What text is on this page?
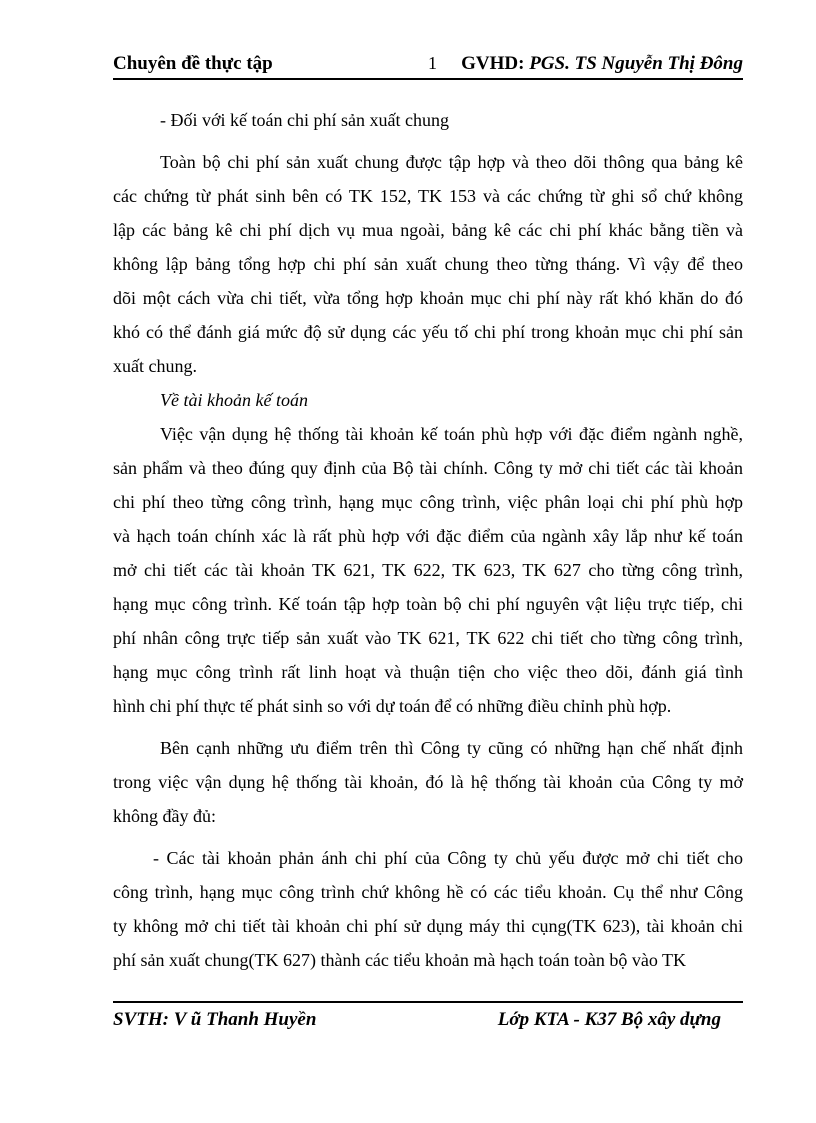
Chuyên đề thực tập	1 GVHD: PGS. TS Nguyễn Thị Đông
- Đối với kế toán chi phí sản xuất chung
Toàn bộ chi phí sản xuất chung được tập hợp và theo dõi thông qua bảng kê
các chứng từ phát sinh bên có TK 152, TK 153 và các chứng từ ghi sổ chứ không
lập các bảng kê chi phí dịch vụ mua ngoài, bảng kê các chi phí khác bằng tiền và
không lập bảng tổng hợp chi phí sản xuất chung theo từng tháng. Vì vậy để theo
dõi một cách vừa chi tiết, vừa tổng hợp khoản mục chi phí này rất khó khăn do đó
khó có thể đánh giá mức độ sử dụng các yếu tố chi phí trong khoản mục chi phí sản
xuất chung.
Về tài khoản kế toán
Việc vận dụng hệ thống tài khoản kế toán phù hợp với đặc điểm ngành nghề,
sản phẩm và theo đúng quy định của Bộ tài chính. Công ty mở chi tiết các tài khoản
chi phí theo từng công trình, hạng mục công trình, việc phân loại chi phí phù hợp
và hạch toán chính xác là rất phù hợp với đặc điểm của ngành xây lắp như kế toán
mở chi tiết các tài khoản TK 621, TK 622, TK 623, TK 627 cho từng công trình,
hạng mục công trình. Kế toán tập hợp toàn bộ chi phí nguyên vật liệu trực tiếp, chi
phí nhân công trực tiếp sản xuất vào TK 621, TK 622 chi tiết cho từng công trình,
hạng mục công trình rất linh hoạt và thuận tiện cho việc theo dõi, đánh giá tình
hình chi phí thực tế phát sinh so với dự toán để có những điều chỉnh phù hợp.
Bên cạnh những ưu điểm trên thì Công ty cũng có những hạn chế nhất định
trong việc vận dụng hệ thống tài khoản, đó là hệ thống tài khoản của Công ty mở
không đầy đủ:
- Các tài khoản phản ánh chi phí của Công ty chủ yếu được mở chi tiết cho
công trình, hạng mục công trình chứ không hề có các tiểu khoản. Cụ thể như Công
ty không mở chi tiết tài khoản chi phí sử dụng máy thi cụng(TK 623), tài khoản chi
phí sản xuất chung(TK 627) thành các tiểu khoản mà hạch toán toàn bộ vào TK
SVTH: V ũ Thanh Huyền	Lớp KTA - K37 Bộ xây dựng
